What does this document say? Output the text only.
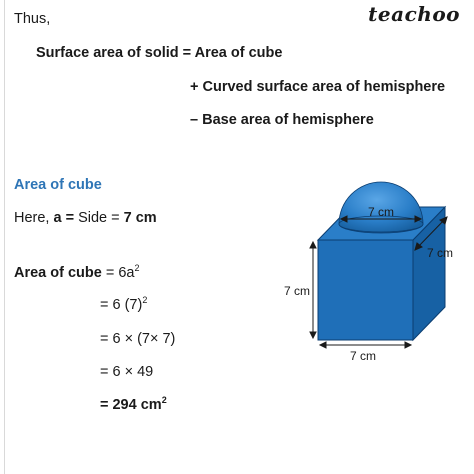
teachoo
Thus,
Surface area of solid = Area of cube
+ Curved surface area of hemisphere
– Base area of hemisphere
Area of cube
Here, a = Side = 7 cm
Area of cube = $6a^2$
= 6 $(7)^2$
= 6 × (7× 7)
= 6 × 49
= 294 $cm^2$
7 cm
7 cm
7 cm
7 cm
